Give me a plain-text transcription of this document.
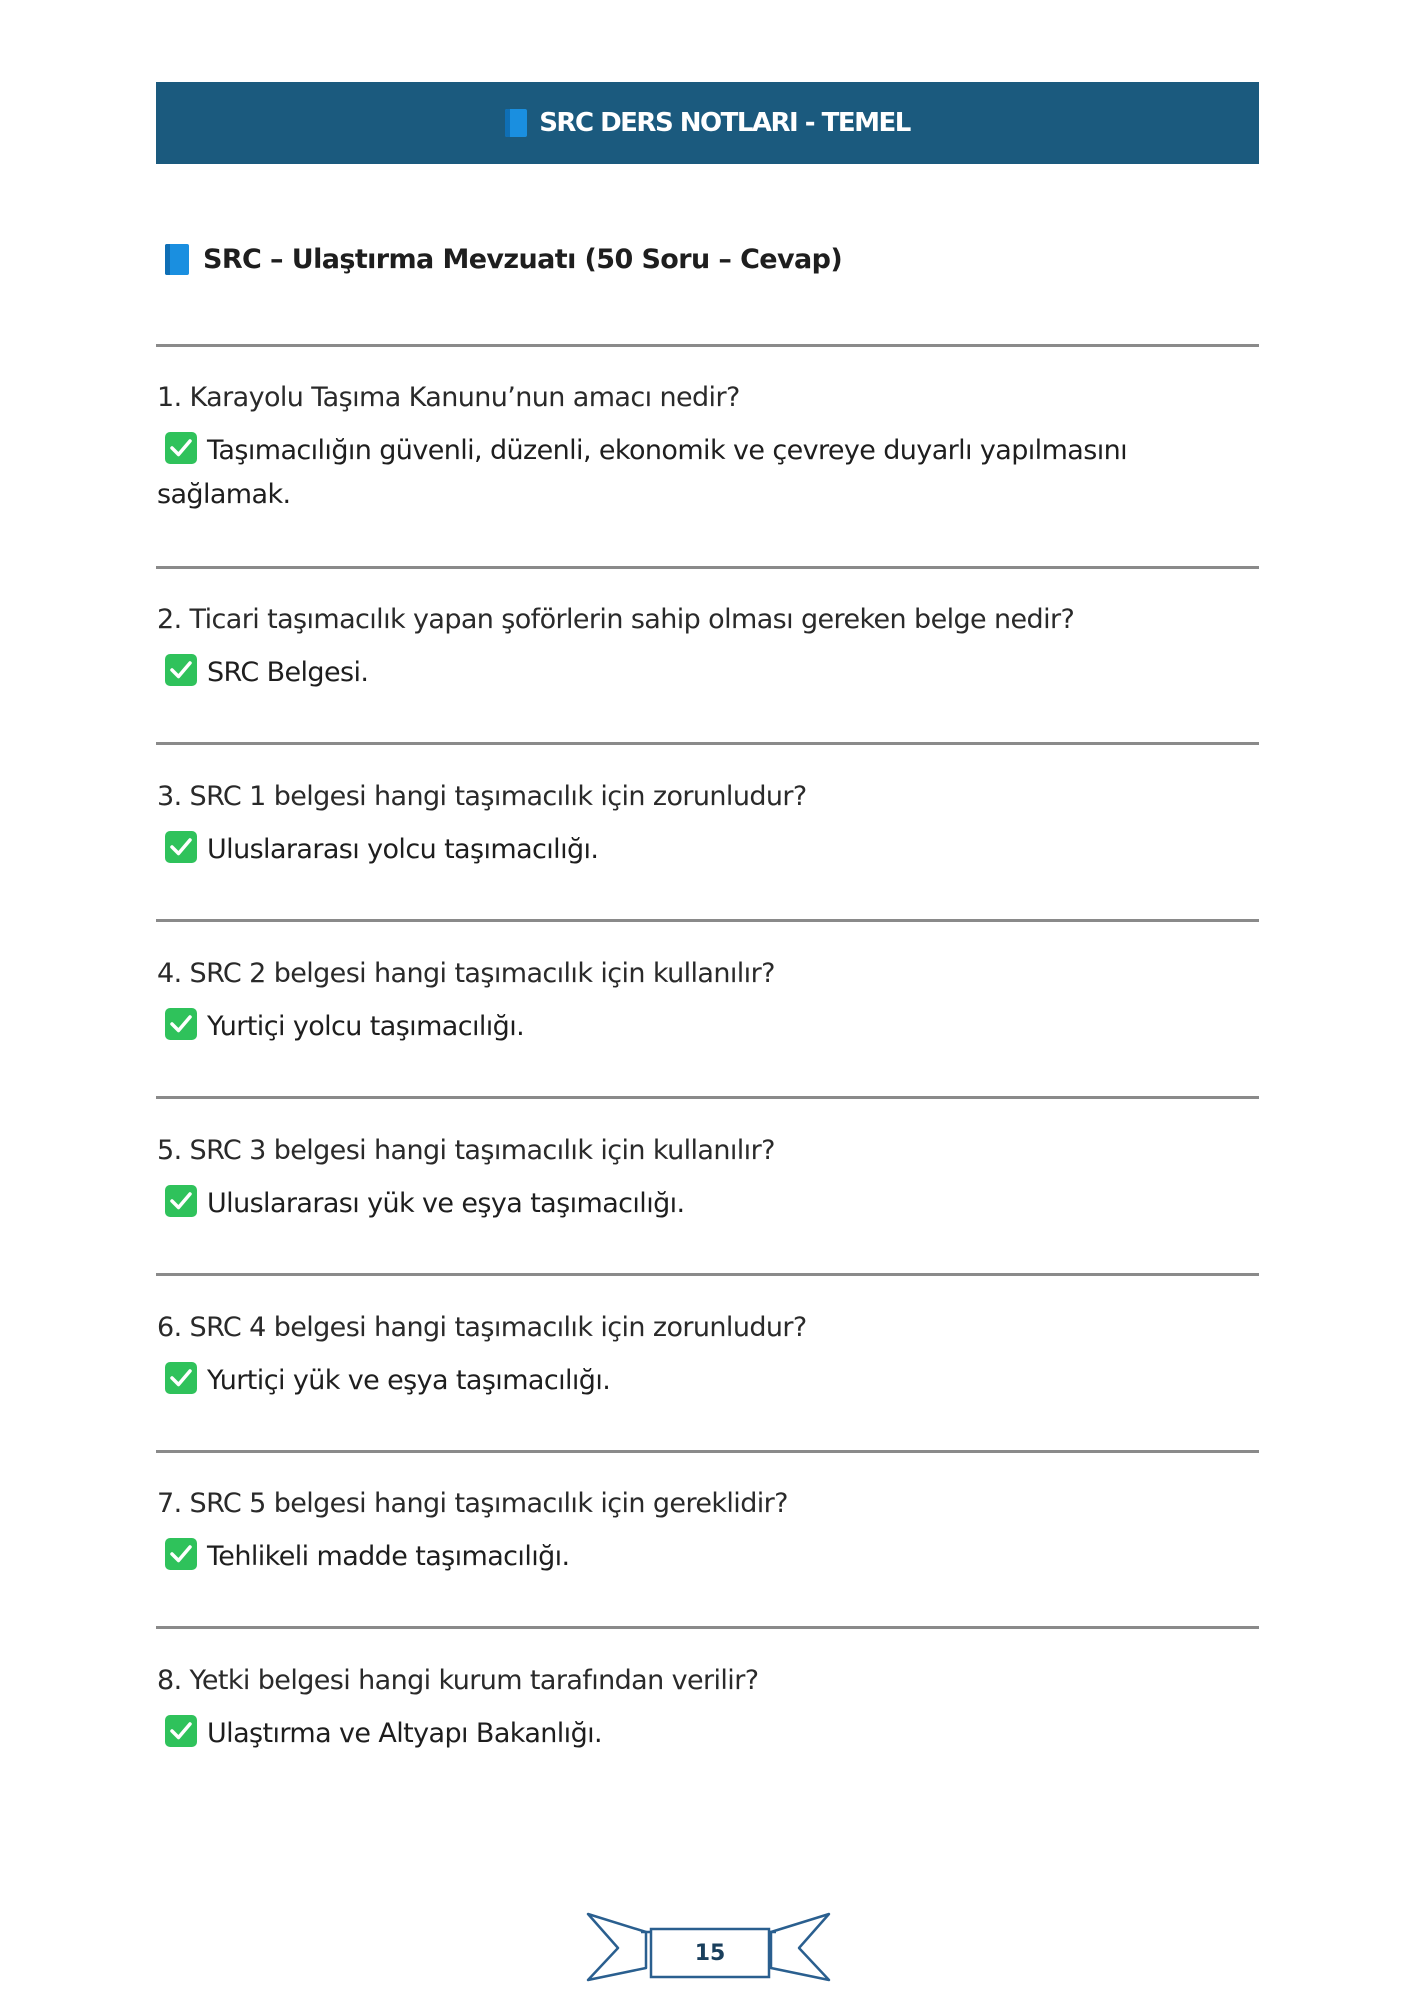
SRC DERS NOTLARI - TEMEL
SRC – Ulaştırma Mevzuatı (50 Soru – Cevap)
1. Karayolu Taşıma Kanunu’nun amacı nedir?
Taşımacılığın güvenli, düzenli, ekonomik ve çevreye duyarlı yapılmasını sağlamak.
2. Ticari taşımacılık yapan şoförlerin sahip olması gereken belge nedir?
SRC Belgesi.
3. SRC 1 belgesi hangi taşımacılık için zorunludur?
Uluslararası yolcu taşımacılığı.
4. SRC 2 belgesi hangi taşımacılık için kullanılır?
Yurtiçi yolcu taşımacılığı.
5. SRC 3 belgesi hangi taşımacılık için kullanılır?
Uluslararası yük ve eşya taşımacılığı.
6. SRC 4 belgesi hangi taşımacılık için zorunludur?
Yurtiçi yük ve eşya taşımacılığı.
7. SRC 5 belgesi hangi taşımacılık için gereklidir?
Tehlikeli madde taşımacılığı.
8. Yetki belgesi hangi kurum tarafından verilir?
Ulaştırma ve Altyapı Bakanlığı.
15
